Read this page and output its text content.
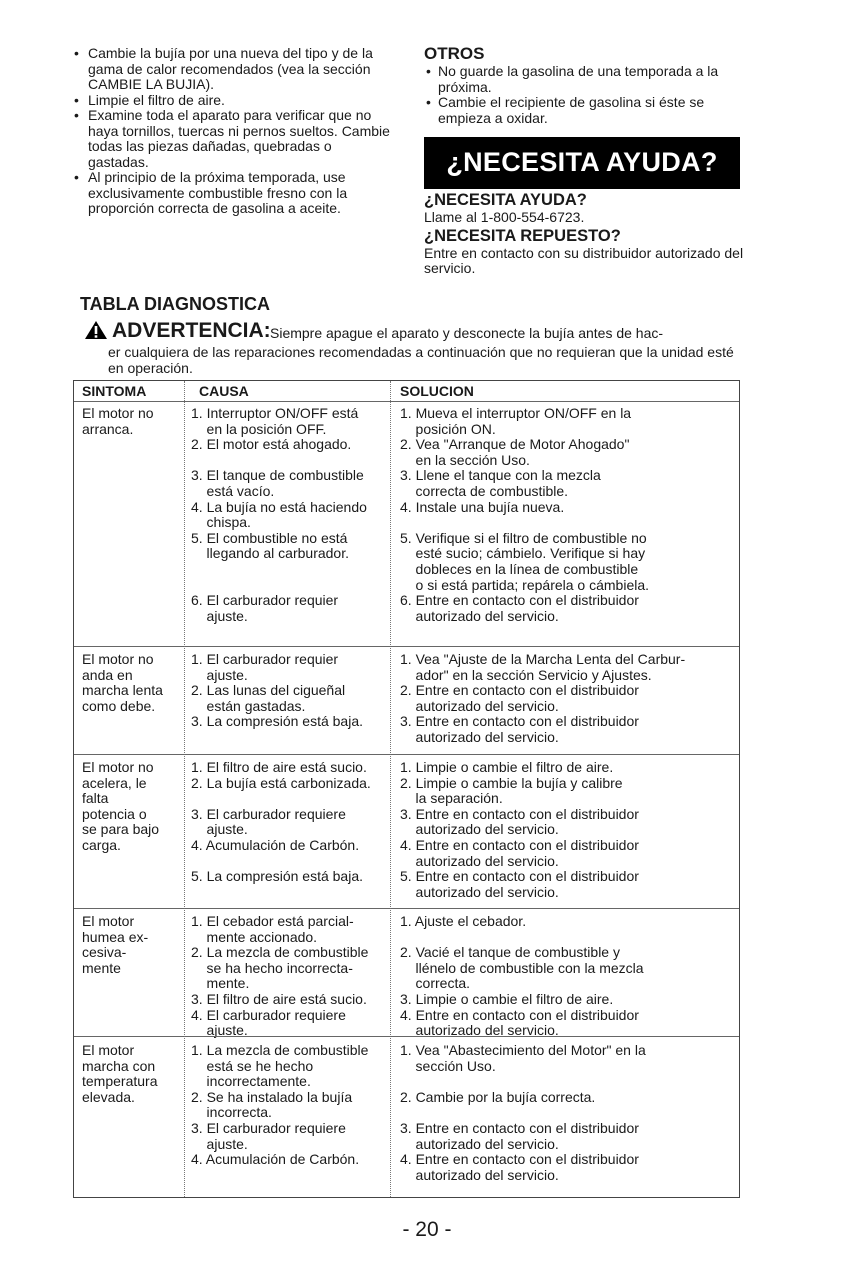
• Cambie la bujía por una nueva del tipo y de la gama de calor recomendados (vea la sección CAMBIE LA BUJIA).
• Limpie el filtro de aire.
• Examine toda el aparato para verificar que no haya tornillos, tuercas ni pernos sueltos. Cambie todas las piezas dañadas, quebradas o gastadas.
• Al principio de la próxima temporada, use exclusivamente combustible fresno con la proporción correcta de gasolina a aceite.
OTROS
• No guarde la gasolina de una temporada a la próxima.
• Cambie el recipiente de gasolina si éste se empieza a oxidar.
¿NECESITA AYUDA?
¿NECESITA AYUDA?
Llame al 1-800-554-6723.
¿NECESITA REPUESTO?
Entre en contacto con su distribuidor autorizado del servicio.
TABLA DIAGNOSTICA
ADVERTENCIA: Siempre apague el aparato y desconecte la bujía antes de hac-
er cualquiera de las reparaciones recomendadas a continuación que no requieran que la unidad esté en operación.
SINTOMA	CAUSA	SOLUCION
El motor no
arranca.
1. Interruptor ON/OFF está
en la posición OFF.
2. El motor está ahogado.

3. El tanque de combustible
está vacío.
4. La bujía no está haciendo
chispa.
5. El combustible no está
llegando al carburador.

6. El carburador requier
ajuste.
1. Mueva el interruptor ON/OFF en la
posición ON.
2. Vea "Arranque de Motor Ahogado"
en la sección Uso.
3. Llene el tanque con la mezcla
correcta de combustible.
4. Instale una bujía nueva.

5. Verifique si el filtro de combustible no
esté sucio; cámbielo. Verifique si hay
dobleces en la línea de combustible
o si está partida; repárela o cámbiela.
6. Entre en contacto con el distribuidor
autorizado del servicio.
El motor no
anda en
marcha lenta
como debe.
1. El carburador requier
ajuste.
2. Las lunas del cigueñal
están gastadas.
3. La compresión está baja.
1. Vea "Ajuste de la Marcha Lenta del Carbur-
ador" en la sección Servicio y Ajustes.
2. Entre en contacto con el distribuidor
autorizado del servicio.
3. Entre en contacto con el distribuidor
autorizado del servicio.
El motor no
acelera, le
falta
potencia o
se para bajo
carga.
1. El filtro de aire está sucio.
2. La bujía está carbonizada.

3. El carburador requiere
ajuste.
4. Acumulación de Carbón.

5. La compresión está baja.
1. Limpie o cambie el filtro de aire.
2. Limpie o cambie la bujía y calibre
la separación.
3. Entre en contacto con el distribuidor
autorizado del servicio.
4. Entre en contacto con el distribuidor
autorizado del servicio.
5. Entre en contacto con el distribuidor
autorizado del servicio.
El motor
humea ex-
cesiva-
mente
1. El cebador está parcial-
mente accionado.
2. La mezcla de combustible
se ha hecho incorrecta-
mente.
3. El filtro de aire está sucio.
4. El carburador requiere
ajuste.
1. Ajuste el cebador.

2. Vacié el tanque de combustible y
llénelo de combustible con la mezcla
correcta.
3. Limpie o cambie el filtro de aire.
4. Entre en contacto con el distribuidor
autorizado del servicio.
El motor
marcha con
temperatura
elevada.
1. La mezcla de combustible
está se he hecho
incorrectamente.
2. Se ha instalado la bujía
incorrecta.
3. El carburador requiere
ajuste.
4. Acumulación de Carbón.
1. Vea "Abastecimiento del Motor" en la
sección Uso.

2. Cambie por la bujía correcta.

3. Entre en contacto con el distribuidor
autorizado del servicio.
4. Entre en contacto con el distribuidor
autorizado del servicio.
- 20 -
